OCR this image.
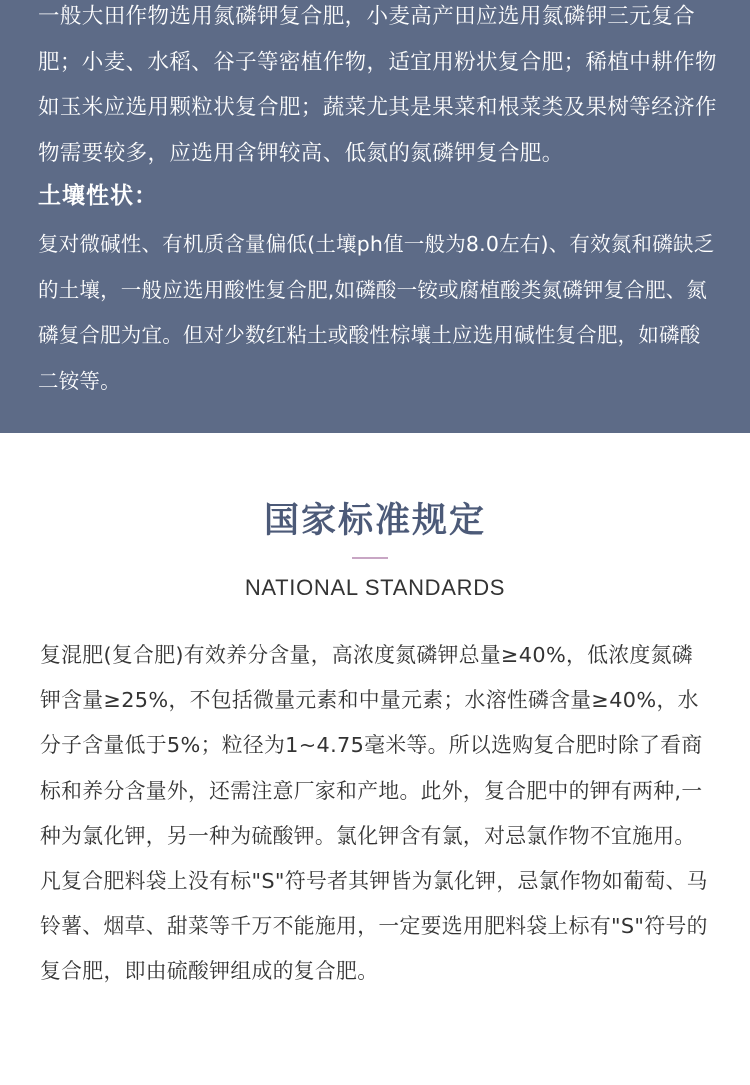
一般大田作物选用氮磷钾复合肥，小麦高产田应选用氮磷钾三元复合肥；小麦、水稻、谷子等密植作物，适宜用粉状复合肥；稀植中耕作物如玉米应选用颗粒状复合肥；蔬菜尤其是果菜和根菜类及果树等经济作物需要较多，应选用含钾较高、低氮的氮磷钾复合肥。

土壤性状：

复对微碱性、有机质含量偏低(土壤ph值一般为8.0左右)、有效氮和磷缺乏的土壤，一般应选用酸性复合肥,如磷酸一铵或腐植酸类氮磷钾复合肥、氮磷复合肥为宜。但对少数红粘土或酸性棕壤土应选用碱性复合肥，如磷酸二铵等。

国家标准规定
NATIONAL STANDARDS

复混肥(复合肥)有效养分含量，高浓度氮磷钾总量≥40%，低浓度氮磷钾含量≥25%，不包括微量元素和中量元素；水溶性磷含量≥40%，水分子含量低于5%；粒径为1~4.75毫米等。所以选购复合肥时除了看商标和养分含量外，还需注意厂家和产地。此外，复合肥中的钾有两种,一种为氯化钾，另一种为硫酸钾。氯化钾含有氯，对忌氯作物不宜施用。凡复合肥料袋上没有标"S"符号者其钾皆为氯化钾，忌氯作物如葡萄、马铃薯、烟草、甜菜等千万不能施用，一定要选用肥料袋上标有"S"符号的复合肥，即由硫酸钾组成的复合肥。
